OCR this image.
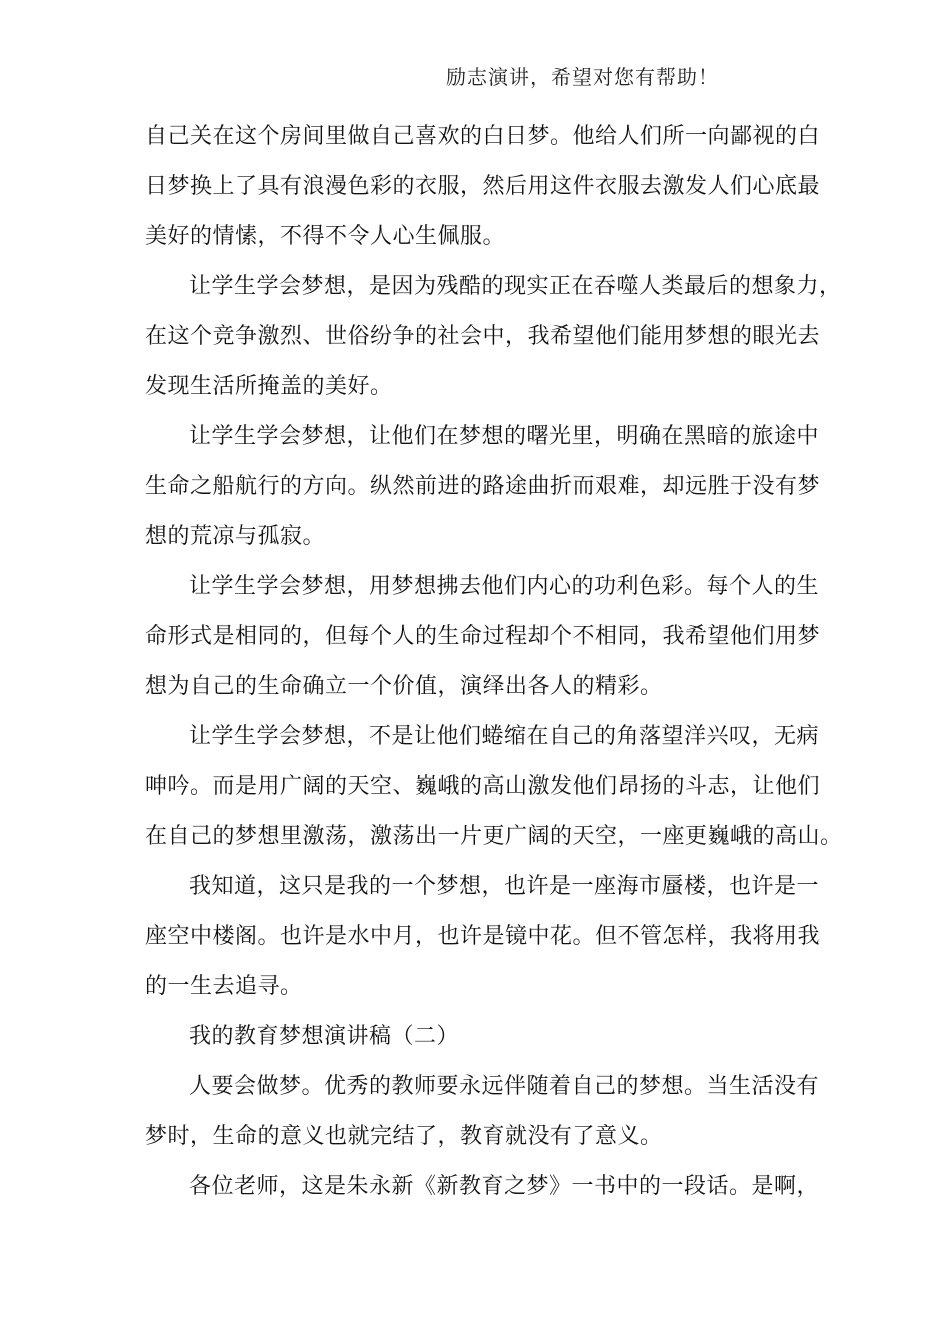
励志演讲，希望对您有帮助！
自己关在这个房间里做自己喜欢的白日梦。他给人们所一向鄙视的白
日梦换上了具有浪漫色彩的衣服，然后用这件衣服去激发人们心底最
美好的情愫，不得不令人心生佩服。
让学生学会梦想，是因为残酷的现实正在吞噬人类最后的想象力，
在这个竞争激烈、世俗纷争的社会中，我希望他们能用梦想的眼光去
发现生活所掩盖的美好。
让学生学会梦想，让他们在梦想的曙光里，明确在黑暗的旅途中
生命之船航行的方向。纵然前进的路途曲折而艰难，却远胜于没有梦
想的荒凉与孤寂。
让学生学会梦想，用梦想拂去他们内心的功利色彩。每个人的生
命形式是相同的，但每个人的生命过程却个不相同，我希望他们用梦
想为自己的生命确立一个价值，演绎出各人的精彩。
让学生学会梦想，不是让他们蜷缩在自己的角落望洋兴叹，无病
呻吟。而是用广阔的天空、巍峨的高山激发他们昂扬的斗志，让他们
在自己的梦想里激荡，激荡出一片更广阔的天空，一座更巍峨的高山。
我知道，这只是我的一个梦想，也许是一座海市蜃楼，也许是一
座空中楼阁。也许是水中月，也许是镜中花。但不管怎样，我将用我
的一生去追寻。
我的教育梦想演讲稿（二）
人要会做梦。优秀的教师要永远伴随着自己的梦想。当生活没有
梦时，生命的意义也就完结了，教育就没有了意义。
各位老师，这是朱永新《新教育之梦》一书中的一段话。是啊，
